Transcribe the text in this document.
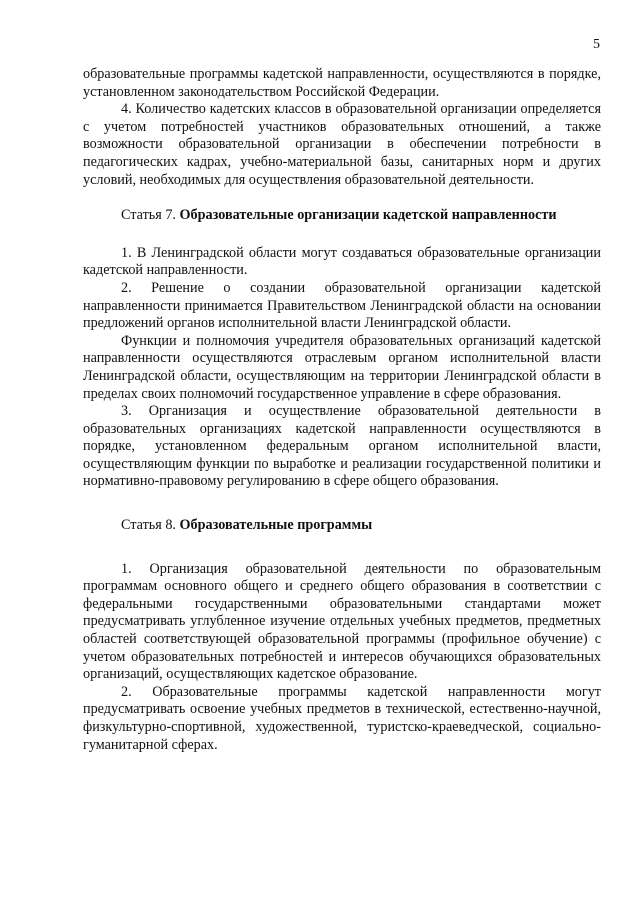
5

образовательные программы кадетской направленности, осуществляются в порядке, установленном законодательством Российской Федерации.

4. Количество кадетских классов в образовательной организации определяется с учетом потребностей участников образовательных отношений, а также возможности образовательной организации в обеспечении потребности в педагогических кадрах, учебно-материальной базы, санитарных норм и других условий, необходимых для осуществления образовательной деятельности.

Статья 7. Образовательные организации кадетской направленности

1. В Ленинградской области могут создаваться образовательные организации кадетской направленности.

2. Решение о создании образовательной организации кадетской направленности принимается Правительством Ленинградской области на основании предложений органов исполнительной власти Ленинградской области.

Функции и полномочия учредителя образовательных организаций кадетской направленности осуществляются отраслевым органом исполнительной власти Ленинградской области, осуществляющим на территории Ленинградской области в пределах своих полномочий государственное управление в сфере образования.

3. Организация и осуществление образовательной деятельности в образовательных организациях кадетской направленности осуществляются в порядке, установленном федеральным органом исполнительной власти, осуществляющим функции по выработке и реализации государственной политики и нормативно-правовому регулированию в сфере общего образования.

Статья 8. Образовательные программы

1. Организация образовательной деятельности по образовательным программам основного общего и среднего общего образования в соответствии с федеральными государственными образовательными стандартами может предусматривать углубленное изучение отдельных учебных предметов, предметных областей соответствующей образовательной программы (профильное обучение) с учетом образовательных потребностей и интересов обучающихся образовательных организаций, осуществляющих кадетское образование.

2. Образовательные программы кадетской направленности могут предусматривать освоение учебных предметов в технической, естественно-научной, физкультурно-спортивной, художественной, туристско-краеведческой, социально-гуманитарной сферах.
